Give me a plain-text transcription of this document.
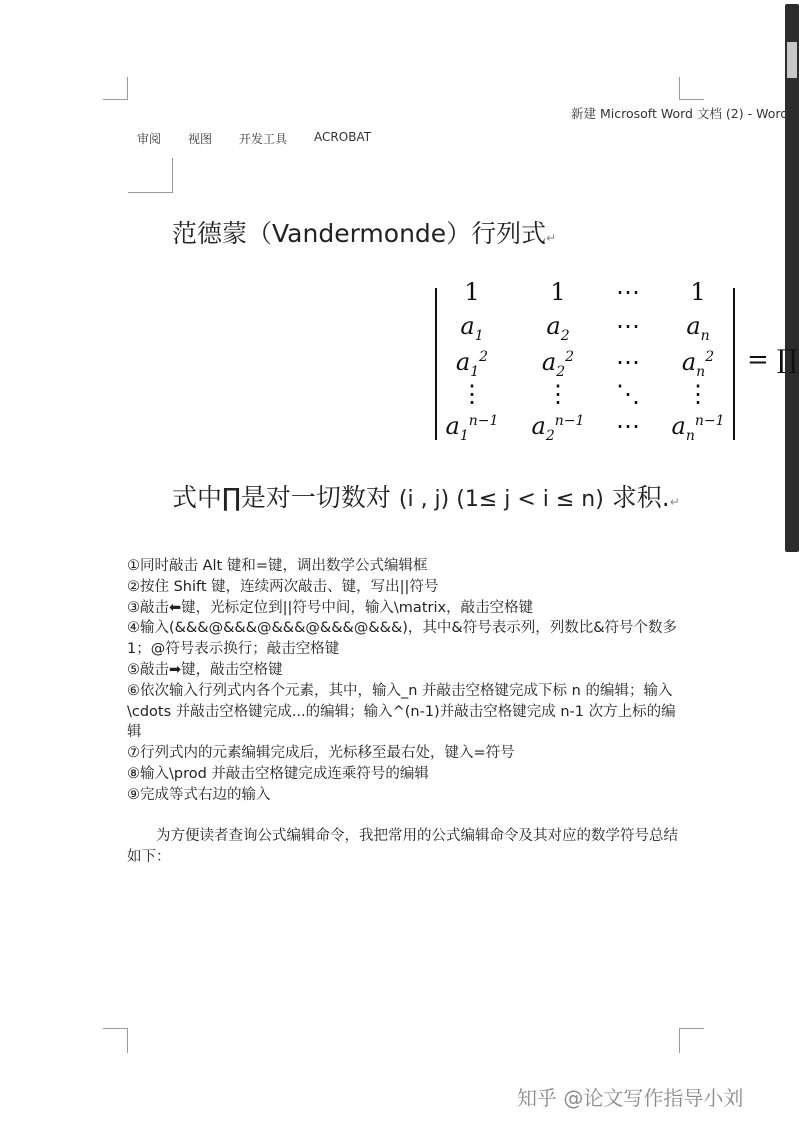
新建 Microsoft Word 文档 (2) - Word
审阅 视图 开发工具 ACROBAT
范德蒙（Vandermonde）行列式↵
1	1	⋯	1
$a_1$	$a_2$	⋯	$a_n$
$a_1^2$	$a_2^2$	⋯	$a_n^2$
⋮	⋮	⋱	⋮
$a_1^{n-1}$	$a_2^{n-1}$	⋯	$a_n^{n-1}$
= ∏
式中∏是对一切数对 (i , j) (1≤ j < i ≤ n) 求积.↵

①同时敲击 Alt 键和=键，调出数学公式编辑框

②按住 Shift 键，连续两次敲击、键，写出||符号

③敲击⬅键，光标定位到||符号中间，输入\matrix，敲击空格键

④输入(&&&@&&&@&&&@&&&@&&&)，其中&符号表示列，列数比&符号个数多 1；@符号表示换行；敲击空格键

⑤敲击➡键，敲击空格键

⑥依次输入行列式内各个元素，其中，输入_n 并敲击空格键完成下标 n 的编辑；输入\cdots 并敲击空格键完成...的编辑；输入^(n-1)并敲击空格键完成 n-1 次方上标的编辑

⑦行列式内的元素编辑完成后，光标移至最右处，键入=符号

⑧输入\prod 并敲击空格键完成连乘符号的编辑

⑨完成等式右边的输入

为方便读者查询公式编辑命令，我把常用的公式编辑命令及其对应的数学符号总结如下：
知乎 @论文写作指导小刘
